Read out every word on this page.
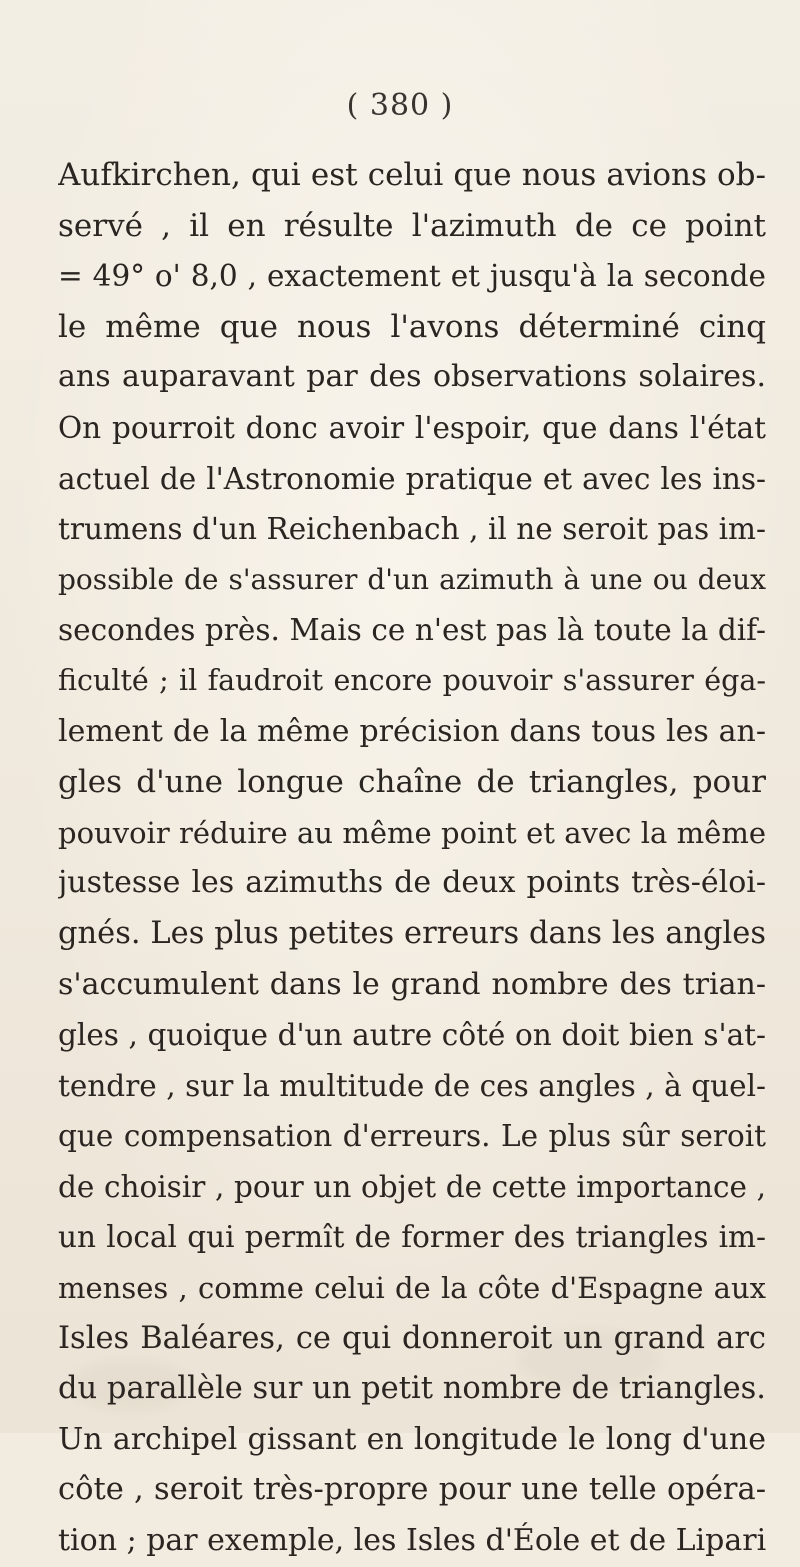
( 380 )
Aufkirchen, qui est celui que nous avions ob-
servé , il en résulte l'azimuth de ce point
= 49° o' 8,0 , exactement et jusqu'à la seconde
le même que nous l'avons déterminé cinq
ans auparavant par des observations solaires.
On pourroit donc avoir l'espoir, que dans l'état
actuel de l'Astronomie pratique et avec les ins-
trumens d'un Reichenbach , il ne seroit pas im-
possible de s'assurer d'un azimuth à une ou deux
secondes près. Mais ce n'est pas là toute la dif-
ficulté ; il faudroit encore pouvoir s'assurer éga-
lement de la même précision dans tous les an-
gles d'une longue chaîne de triangles, pour
pouvoir réduire au même point et avec la même
justesse les azimuths de deux points très-éloi-
gnés. Les plus petites erreurs dans les angles
s'accumulent dans le grand nombre des trian-
gles , quoique d'un autre côté on doit bien s'at-
tendre , sur la multitude de ces angles , à quel-
que compensation d'erreurs. Le plus sûr seroit
de choisir , pour un objet de cette importance ,
un local qui permît de former des triangles im-
menses , comme celui de la côte d'Espagne aux
Isles Baléares, ce qui donneroit un grand arc
du parallèle sur un petit nombre de triangles.
Un archipel gissant en longitude le long d'une
côte , seroit très-propre pour une telle opéra-
tion ; par exemple, les Isles d'Éole et de Lipari
